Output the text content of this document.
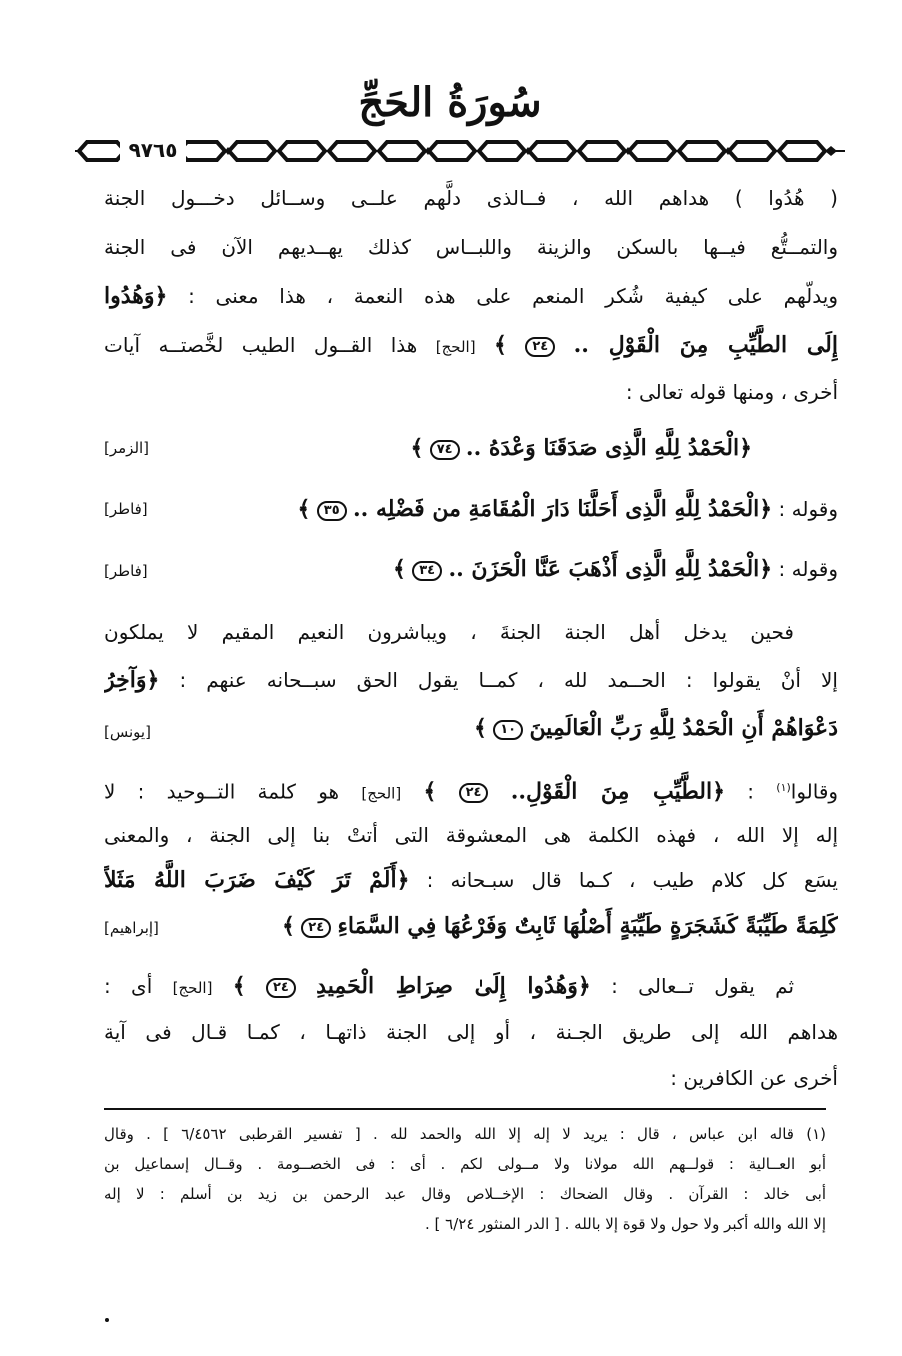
سُورَةُ الحَجِّ
٩٧٦٥
( هُدُوا ) هداهم الله ، فــالذى دلَّهم علــى وســائل دخـــول الجنة
والتمــتُّع فيــها بالسكن والزينة واللبــاس كذلك يهــديهم الآن فى الجنة
ويدلّهم على كيفية شُكر المنعم على هذه النعمة ، هذا معنى : ﴿وَهُدُوا
إِلَى الطَّيِّبِ مِنَ الْقَوْلِ .. ٢٤ ﴾ [الحج] هذا القــول الطيب لخَّصتــه آيات
أخرى ، ومنها قوله تعالى :
﴿الْحَمْدُ لِلَّهِ الَّذِى صَدَقَنَا وَعْدَهُ .. ٧٤ ﴾
[الزمر]
وقوله : ﴿الْحَمْدُ لِلَّهِ الَّذِى أَحَلَّنَا دَارَ الْمُقَامَةِ من فَضْلِه .. ٣٥ ﴾
[فاطر]
وقوله : ﴿الْحَمْدُ لِلَّهِ الَّذِى أَذْهَبَ عَنَّا الْحَزَنَ .. ٣٤ ﴾
[فاطر]
فحين يدخل أهل الجنة الجنةَ ، ويباشرون النعيم المقيم لا يملكون
إلا أنْ يقولوا : الحــمد لله ، كمــا يقول الحق سبــحانه عنهم : ﴿وَآخِرُ
دَعْوَاهُمْ أَنِ الْحَمْدُ لِلَّهِ رَبِّ الْعَالَمِينَ ١٠ ﴾
[يونس]
وقالوا$^{(١)}$ : ﴿الطَّيِّبِ مِنَ الْقَوْلِ.. ٢٤ ﴾ [الحج] هو كلمة التــوحيد : لا
إله إلا الله ، فهذه الكلمة هى المعشوقة التى أتتْ بنا إلى الجنة ، والمعنى
يسَع كل كلام طيب ، كـما قال سبـحانه : ﴿أَلَمْ تَرَ كَيْفَ ضَرَبَ اللَّهُ مَثَلاً
كَلِمَةً طَيِّبَةً كَشَجَرَةٍ طَيِّبَةٍ أَصْلُهَا ثَابِتٌ وَفَرْعُهَا فِي السَّمَاءِ ٢٤ ﴾
[إبراهيم]
ثم يقول تــعالى : ﴿وَهُدُوا إِلَىٰ صِرَاطِ الْحَمِيدِ ٢٤ ﴾ [الحج] أى :
هداهم الله إلى طريق الجـنة ، أو إلى الجنة ذاتهـا ، كمـا قـال فى آية
أخرى عن الكافرين :
(١) قاله ابن عباس ، قال : يريد لا إله إلا الله والحمد لله . [ تفسير القرطبى ٦/٤٥٦٢ ] . وقال
أبو العــالية : قولــهم الله مولانا ولا مــولى لكم . أى : فى الخصــومة . وقــال إسماعيل بن
أبى خالد : القرآن . وقال الضحاك : الإخــلاص وقال عبد الرحمن بن زيد بن أسلم : لا إله
إلا الله والله أكبر ولا حول ولا قوة إلا بالله . [ الدر المنثور ٦/٢٤ ] .
